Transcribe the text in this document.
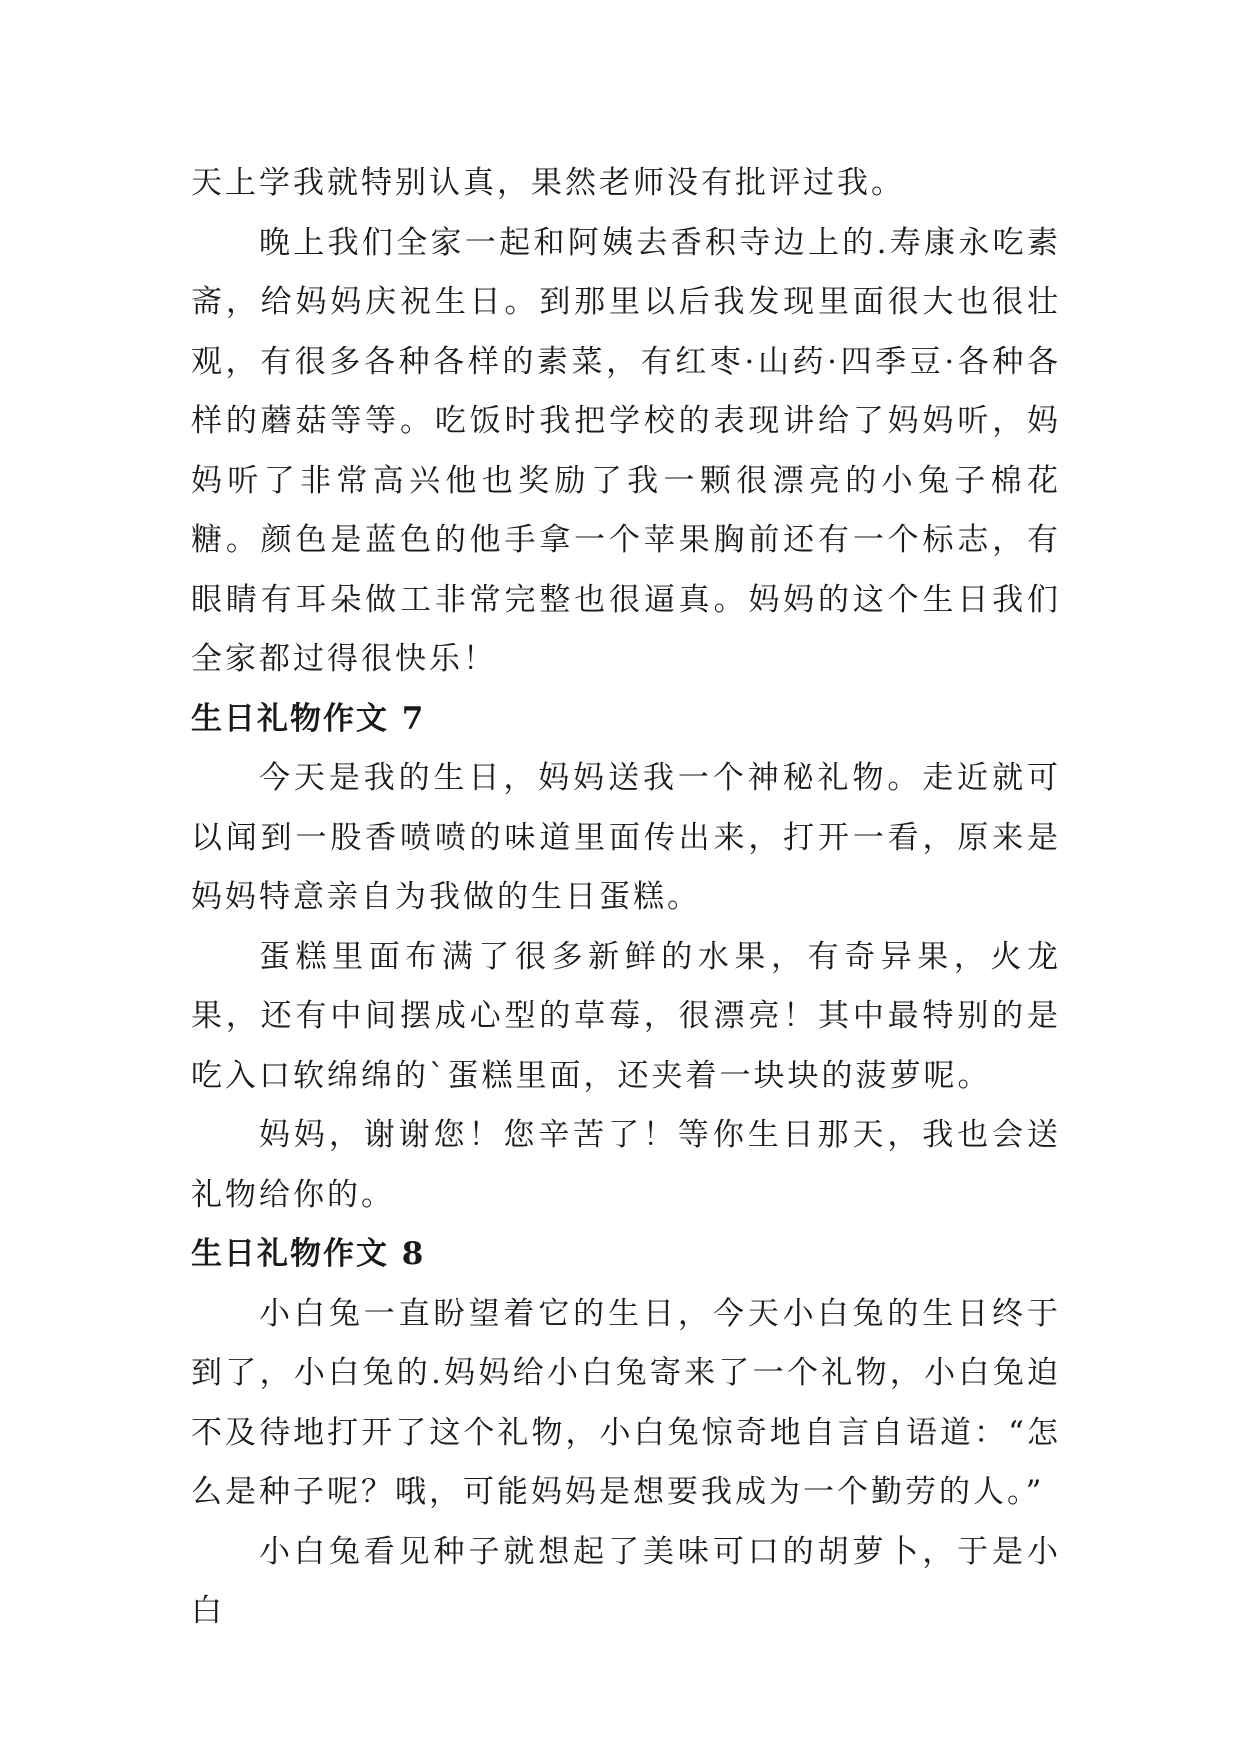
天上学我就特别认真，果然老师没有批评过我。

晚上我们全家一起和阿姨去香积寺边上的.寿康永吃素斋，给妈妈庆祝生日。到那里以后我发现里面很大也很壮观，有很多各种各样的素菜，有红枣·山药·四季豆·各种各样的蘑菇等等。吃饭时我把学校的表现讲给了妈妈听，妈妈听了非常高兴他也奖励了我一颗很漂亮的小兔子棉花糖。颜色是蓝色的他手拿一个苹果胸前还有一个标志，有眼睛有耳朵做工非常完整也很逼真。妈妈的这个生日我们全家都过得很快乐！

生日礼物作文 7

今天是我的生日，妈妈送我一个神秘礼物。走近就可以闻到一股香喷喷的味道里面传出来，打开一看，原来是妈妈特意亲自为我做的生日蛋糕。

蛋糕里面布满了很多新鲜的水果，有奇异果，火龙果，还有中间摆成心型的草莓，很漂亮！其中最特别的是吃入口软绵绵的`蛋糕里面，还夹着一块块的菠萝呢。

妈妈，谢谢您！您辛苦了！等你生日那天，我也会送礼物给你的。

生日礼物作文 8

小白兔一直盼望着它的生日，今天小白兔的生日终于到了，小白兔的.妈妈给小白兔寄来了一个礼物，小白兔迫不及待地打开了这个礼物，小白兔惊奇地自言自语道：“怎么是种子呢？哦，可能妈妈是想要我成为一个勤劳的人。”

小白兔看见种子就想起了美味可口的胡萝卜，于是小白
